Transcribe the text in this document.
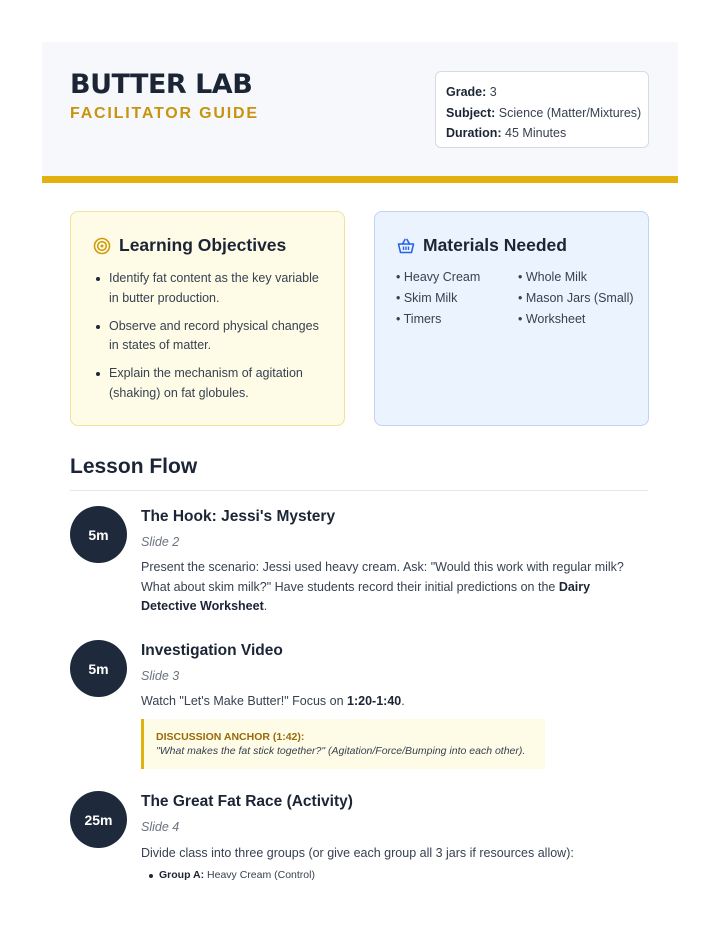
BUTTER LAB
FACILITATOR GUIDE
Grade: 3
Subject: Science (Matter/Mixtures)
Duration: 45 Minutes
Learning Objectives
Identify fat content as the key variable in butter production.
Observe and record physical changes in states of matter.
Explain the mechanism of agitation (shaking) on fat globules.
Materials Needed
• Heavy Cream	• Whole Milk
• Skim Milk	• Mason Jars (Small)
• Timers	• Worksheet
Lesson Flow
5m
The Hook: Jessi's Mystery
Slide 2
Present the scenario: Jessi used heavy cream. Ask: "Would this work with regular milk? What about skim milk?" Have students record their initial predictions on the Dairy Detective Worksheet.
5m
Investigation Video
Slide 3
Watch "Let's Make Butter!" Focus on 1:20-1:40.
DISCUSSION ANCHOR (1:42):
"What makes the fat stick together?" (Agitation/Force/Bumping into each other).
25m
The Great Fat Race (Activity)
Slide 4
Divide class into three groups (or give each group all 3 jars if resources allow):
Group A: Heavy Cream (Control)
